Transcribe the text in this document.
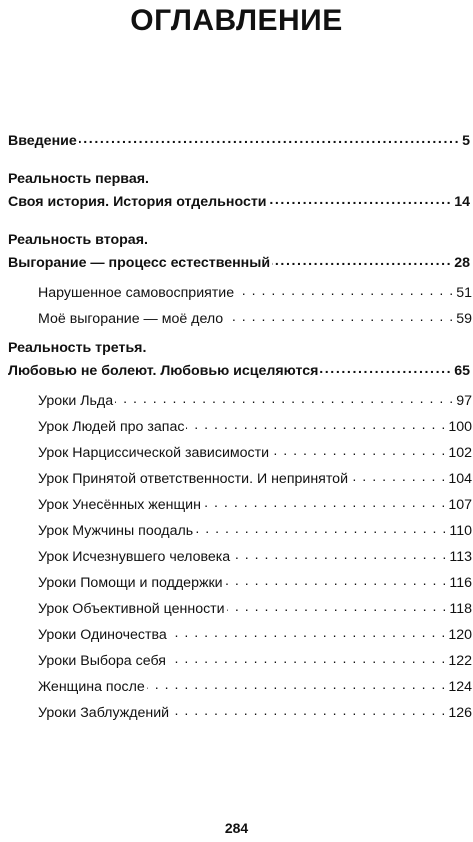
ОГЛАВЛЕНИЕ
Введение .....	5
Реальность первая.
Своя история. История отдельности .....	14
Реальность вторая.
Выгорание — процесс естественный .....	28
Нарушенное самовосприятие . . .	51
Моё выгорание — моё дело . . .	59
Реальность третья.
Любовью не болеют. Любовью исцеляются .....	65
Уроки Льда . . .	97
Урок Людей про запас . . .	100
Урок Нарциссической зависимости . . .	102
Урок Принятой ответственности. И непринятой . . .	104
Урок Унесённых женщин . . .	107
Урок Мужчины поодаль . . .	110
Урок Исчезнувшего человека . . .	113
Уроки Помощи и поддержки . . .	116
Урок Объективной ценности . . .	118
Уроки Одиночества . . .	120
Уроки Выбора себя . . .	122
Женщина после . . .	124
Уроки Заблуждений . . .	126
284
